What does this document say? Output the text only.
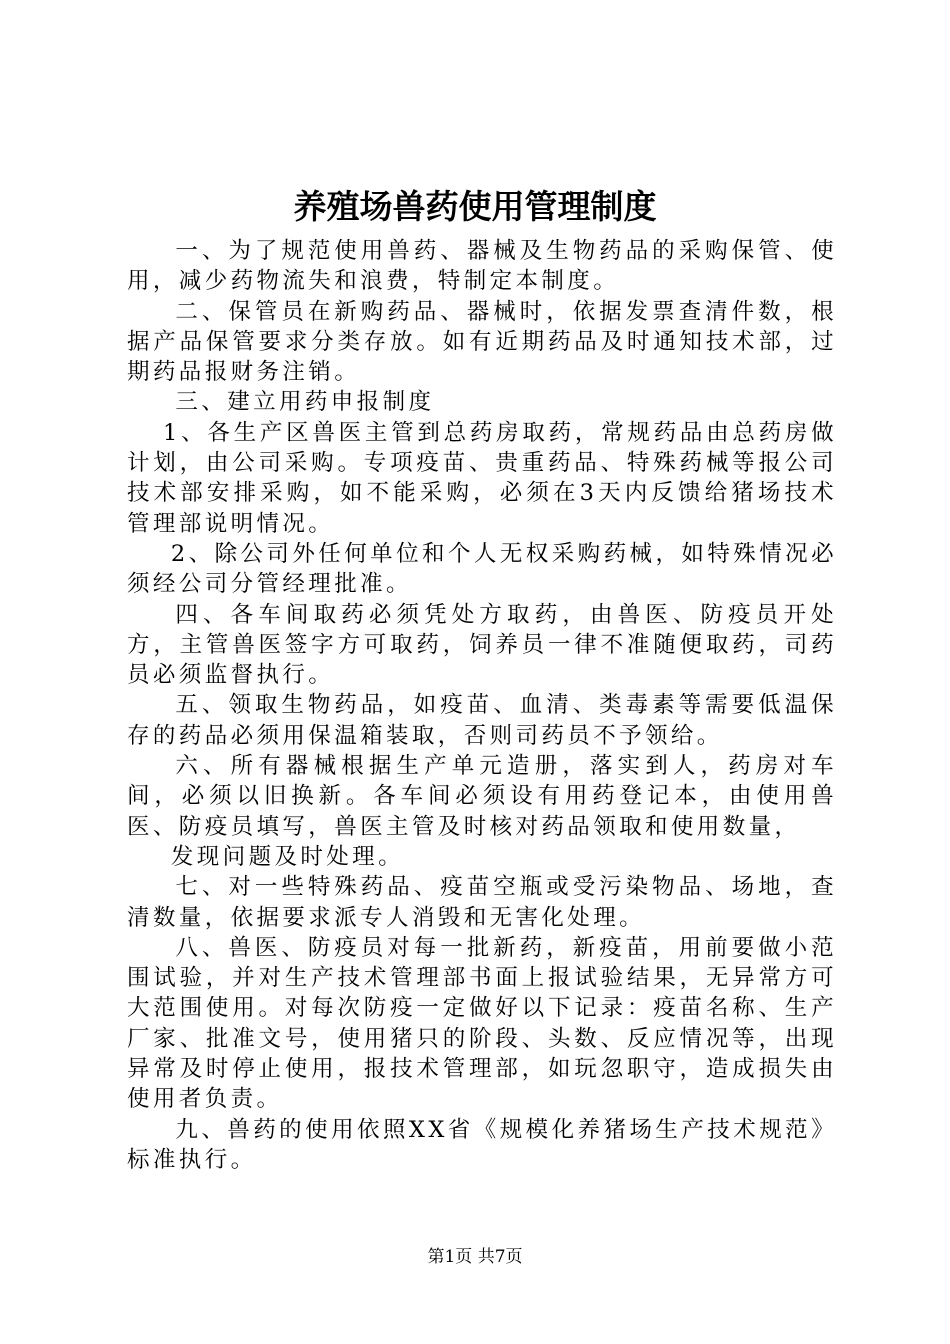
养殖场兽药使用管理制度

一、为了规范使用兽药、器械及生物药品的采购保管、使用，减少药物流失和浪费，特制定本制度。

二、保管员在新购药品、器械时，依据发票查清件数，根据产品保管要求分类存放。如有近期药品及时通知技术部，过期药品报财务注销。

三、建立用药申报制度

1、各生产区兽医主管到总药房取药，常规药品由总药房做计划，由公司采购。专项疫苗、贵重药品、特殊药械等报公司技术部安排采购，如不能采购，必须在3天内反馈给猪场技术管理部说明情况。

2、除公司外任何单位和个人无权采购药械，如特殊情况必须经公司分管经理批准。

四、各车间取药必须凭处方取药，由兽医、防疫员开处方，主管兽医签字方可取药，饲养员一律不准随便取药，司药员必须监督执行。

五、领取生物药品，如疫苗、血清、类毒素等需要低温保存的药品必须用保温箱装取，否则司药员不予领给。

六、所有器械根据生产单元造册，落实到人，药房对车间，必须以旧换新。各车间必须设有用药登记本，由使用兽医、防疫员填写，兽医主管及时核对药品领取和使用数量，

发现问题及时处理。

七、对一些特殊药品、疫苗空瓶或受污染物品、场地，查清数量，依据要求派专人消毁和无害化处理。

八、兽医、防疫员对每一批新药，新疫苗，用前要做小范围试验，并对生产技术管理部书面上报试验结果，无异常方可大范围使用。对每次防疫一定做好以下记录：疫苗名称、生产厂家、批准文号，使用猪只的阶段、头数、反应情况等，出现异常及时停止使用，报技术管理部，如玩忽职守，造成损失由使用者负责。

九、兽药的使用依照XX省《规模化养猪场生产技术规范》标准执行。

第1页 共7页
